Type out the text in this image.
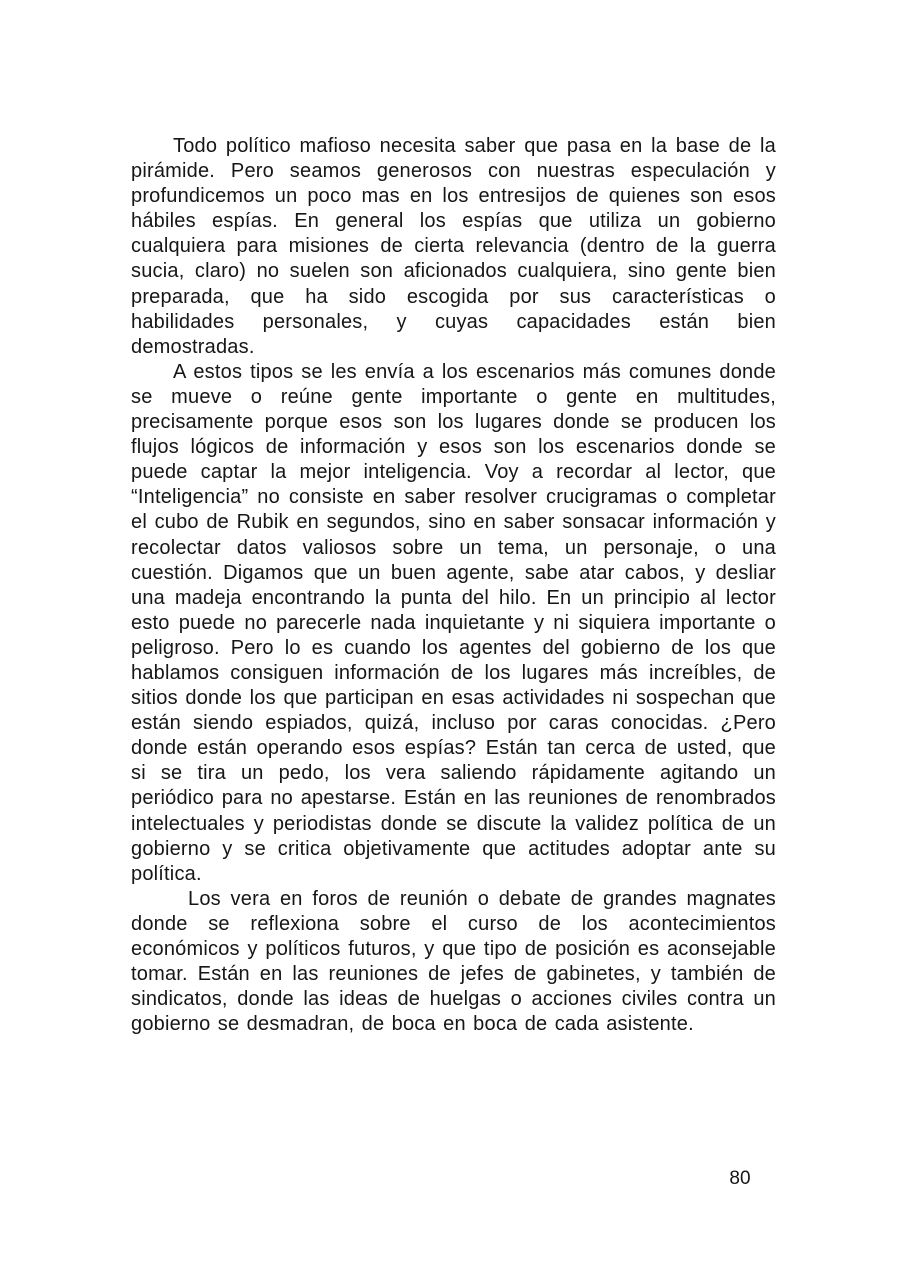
Todo político mafioso necesita saber que pasa en la base de la pirámide. Pero seamos generosos con nuestras especulación y profundicemos un poco mas en los entresijos de quienes son esos hábiles espías. En general los espías que utiliza un gobierno cualquiera para misiones de cierta relevancia (dentro de la guerra sucia, claro) no suelen son aficionados cualquiera, sino gente bien preparada, que ha sido escogida por sus características o habilidades personales, y cuyas capacidades están bien demostradas.

A estos tipos se les envía a los escenarios más comunes donde se mueve o reúne gente importante o gente en multitudes, precisamente porque esos son los lugares donde se producen los flujos lógicos de información y esos son los escenarios donde se puede captar la mejor inteligencia. Voy a recordar al lector, que “Inteligencia” no consiste en saber resolver crucigramas o completar el cubo de Rubik en segundos, sino en saber sonsacar información y recolectar datos valiosos sobre un tema, un personaje, o una cuestión. Digamos que un buen agente, sabe atar cabos, y desliar una madeja encontrando la punta del hilo. En un principio al lector esto puede no parecerle nada inquietante y ni siquiera importante o peligroso. Pero lo es cuando los agentes del gobierno de los que hablamos consiguen información de los lugares más increíbles, de sitios donde los que participan en esas actividades ni sospechan que están siendo espiados, quizá, incluso por caras conocidas. ¿Pero donde están operando esos espías? Están tan cerca de usted, que si se tira un pedo, los vera saliendo rápidamente agitando un periódico para no apestarse. Están en las reuniones de renombrados intelectuales y periodistas donde se discute la validez política de un gobierno y se critica objetivamente que actitudes adoptar ante su política.

Los vera en foros de reunión o debate de grandes magnates donde se reflexiona sobre el curso de los acontecimientos económicos y políticos futuros, y que tipo de posición es aconsejable tomar. Están en las reuniones de jefes de gabinetes, y también de sindicatos, donde las ideas de huelgas o acciones civiles contra un gobierno se desmadran, de boca en boca de cada asistente.

80
